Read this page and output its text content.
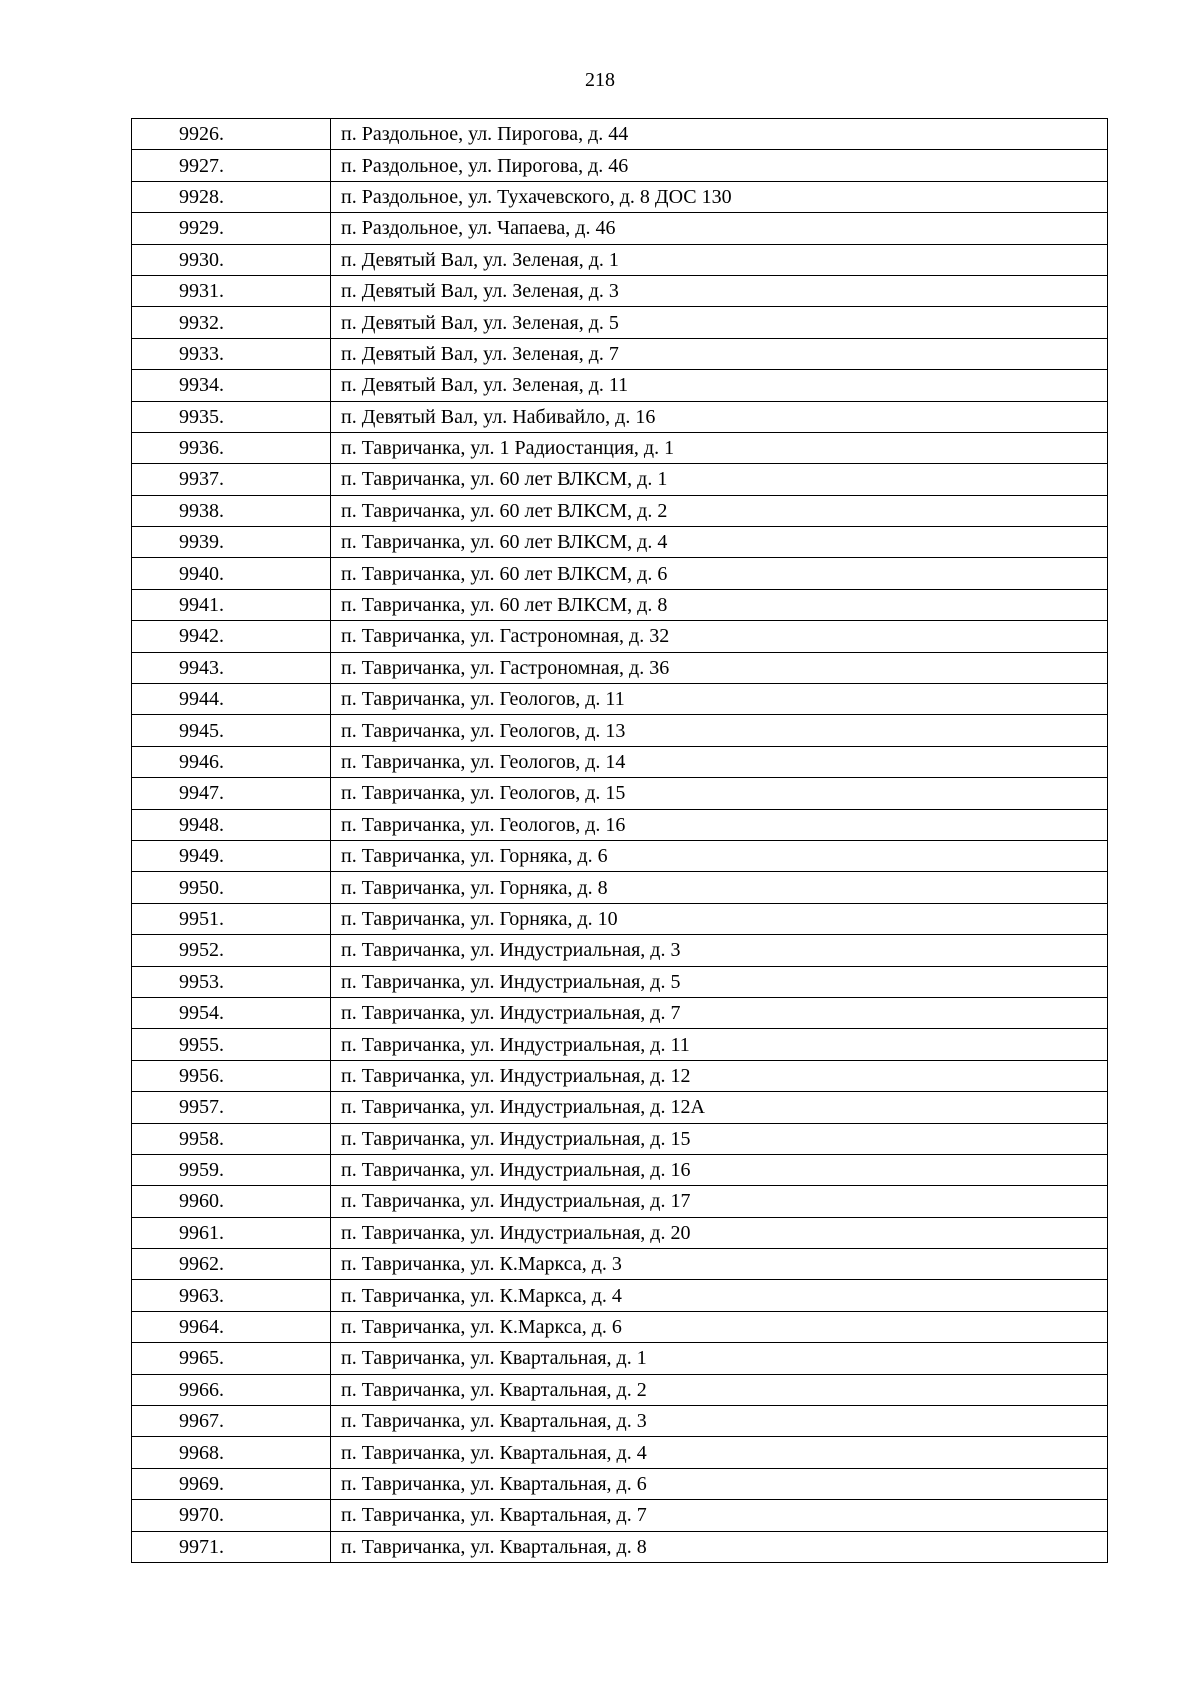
218
9926.	п. Раздольное, ул. Пирогова, д. 44
9927.	п. Раздольное, ул. Пирогова, д. 46
9928.	п. Раздольное, ул. Тухачевского, д. 8 ДОС 130
9929.	п. Раздольное, ул. Чапаева, д. 46
9930.	п. Девятый Вал, ул. Зеленая, д. 1
9931.	п. Девятый Вал, ул. Зеленая, д. 3
9932.	п. Девятый Вал, ул. Зеленая, д. 5
9933.	п. Девятый Вал, ул. Зеленая, д. 7
9934.	п. Девятый Вал, ул. Зеленая, д. 11
9935.	п. Девятый Вал, ул. Набивайло, д. 16
9936.	п. Тавричанка, ул. 1 Радиостанция, д. 1
9937.	п. Тавричанка, ул. 60 лет ВЛКСМ, д. 1
9938.	п. Тавричанка, ул. 60 лет ВЛКСМ, д. 2
9939.	п. Тавричанка, ул. 60 лет ВЛКСМ, д. 4
9940.	п. Тавричанка, ул. 60 лет ВЛКСМ, д. 6
9941.	п. Тавричанка, ул. 60 лет ВЛКСМ, д. 8
9942.	п. Тавричанка, ул. Гастрономная, д. 32
9943.	п. Тавричанка, ул. Гастрономная, д. 36
9944.	п. Тавричанка, ул. Геологов, д. 11
9945.	п. Тавричанка, ул. Геологов, д. 13
9946.	п. Тавричанка, ул. Геологов, д. 14
9947.	п. Тавричанка, ул. Геологов, д. 15
9948.	п. Тавричанка, ул. Геологов, д. 16
9949.	п. Тавричанка, ул. Горняка, д. 6
9950.	п. Тавричанка, ул. Горняка, д. 8
9951.	п. Тавричанка, ул. Горняка, д. 10
9952.	п. Тавричанка, ул. Индустриальная, д. 3
9953.	п. Тавричанка, ул. Индустриальная, д. 5
9954.	п. Тавричанка, ул. Индустриальная, д. 7
9955.	п. Тавричанка, ул. Индустриальная, д. 11
9956.	п. Тавричанка, ул. Индустриальная, д. 12
9957.	п. Тавричанка, ул. Индустриальная, д. 12А
9958.	п. Тавричанка, ул. Индустриальная, д. 15
9959.	п. Тавричанка, ул. Индустриальная, д. 16
9960.	п. Тавричанка, ул. Индустриальная, д. 17
9961.	п. Тавричанка, ул. Индустриальная, д. 20
9962.	п. Тавричанка, ул. К.Маркса, д. 3
9963.	п. Тавричанка, ул. К.Маркса, д. 4
9964.	п. Тавричанка, ул. К.Маркса, д. 6
9965.	п. Тавричанка, ул. Квартальная, д. 1
9966.	п. Тавричанка, ул. Квартальная, д. 2
9967.	п. Тавричанка, ул. Квартальная, д. 3
9968.	п. Тавричанка, ул. Квартальная, д. 4
9969.	п. Тавричанка, ул. Квартальная, д. 6
9970.	п. Тавричанка, ул. Квартальная, д. 7
9971.	п. Тавричанка, ул. Квартальная, д. 8
